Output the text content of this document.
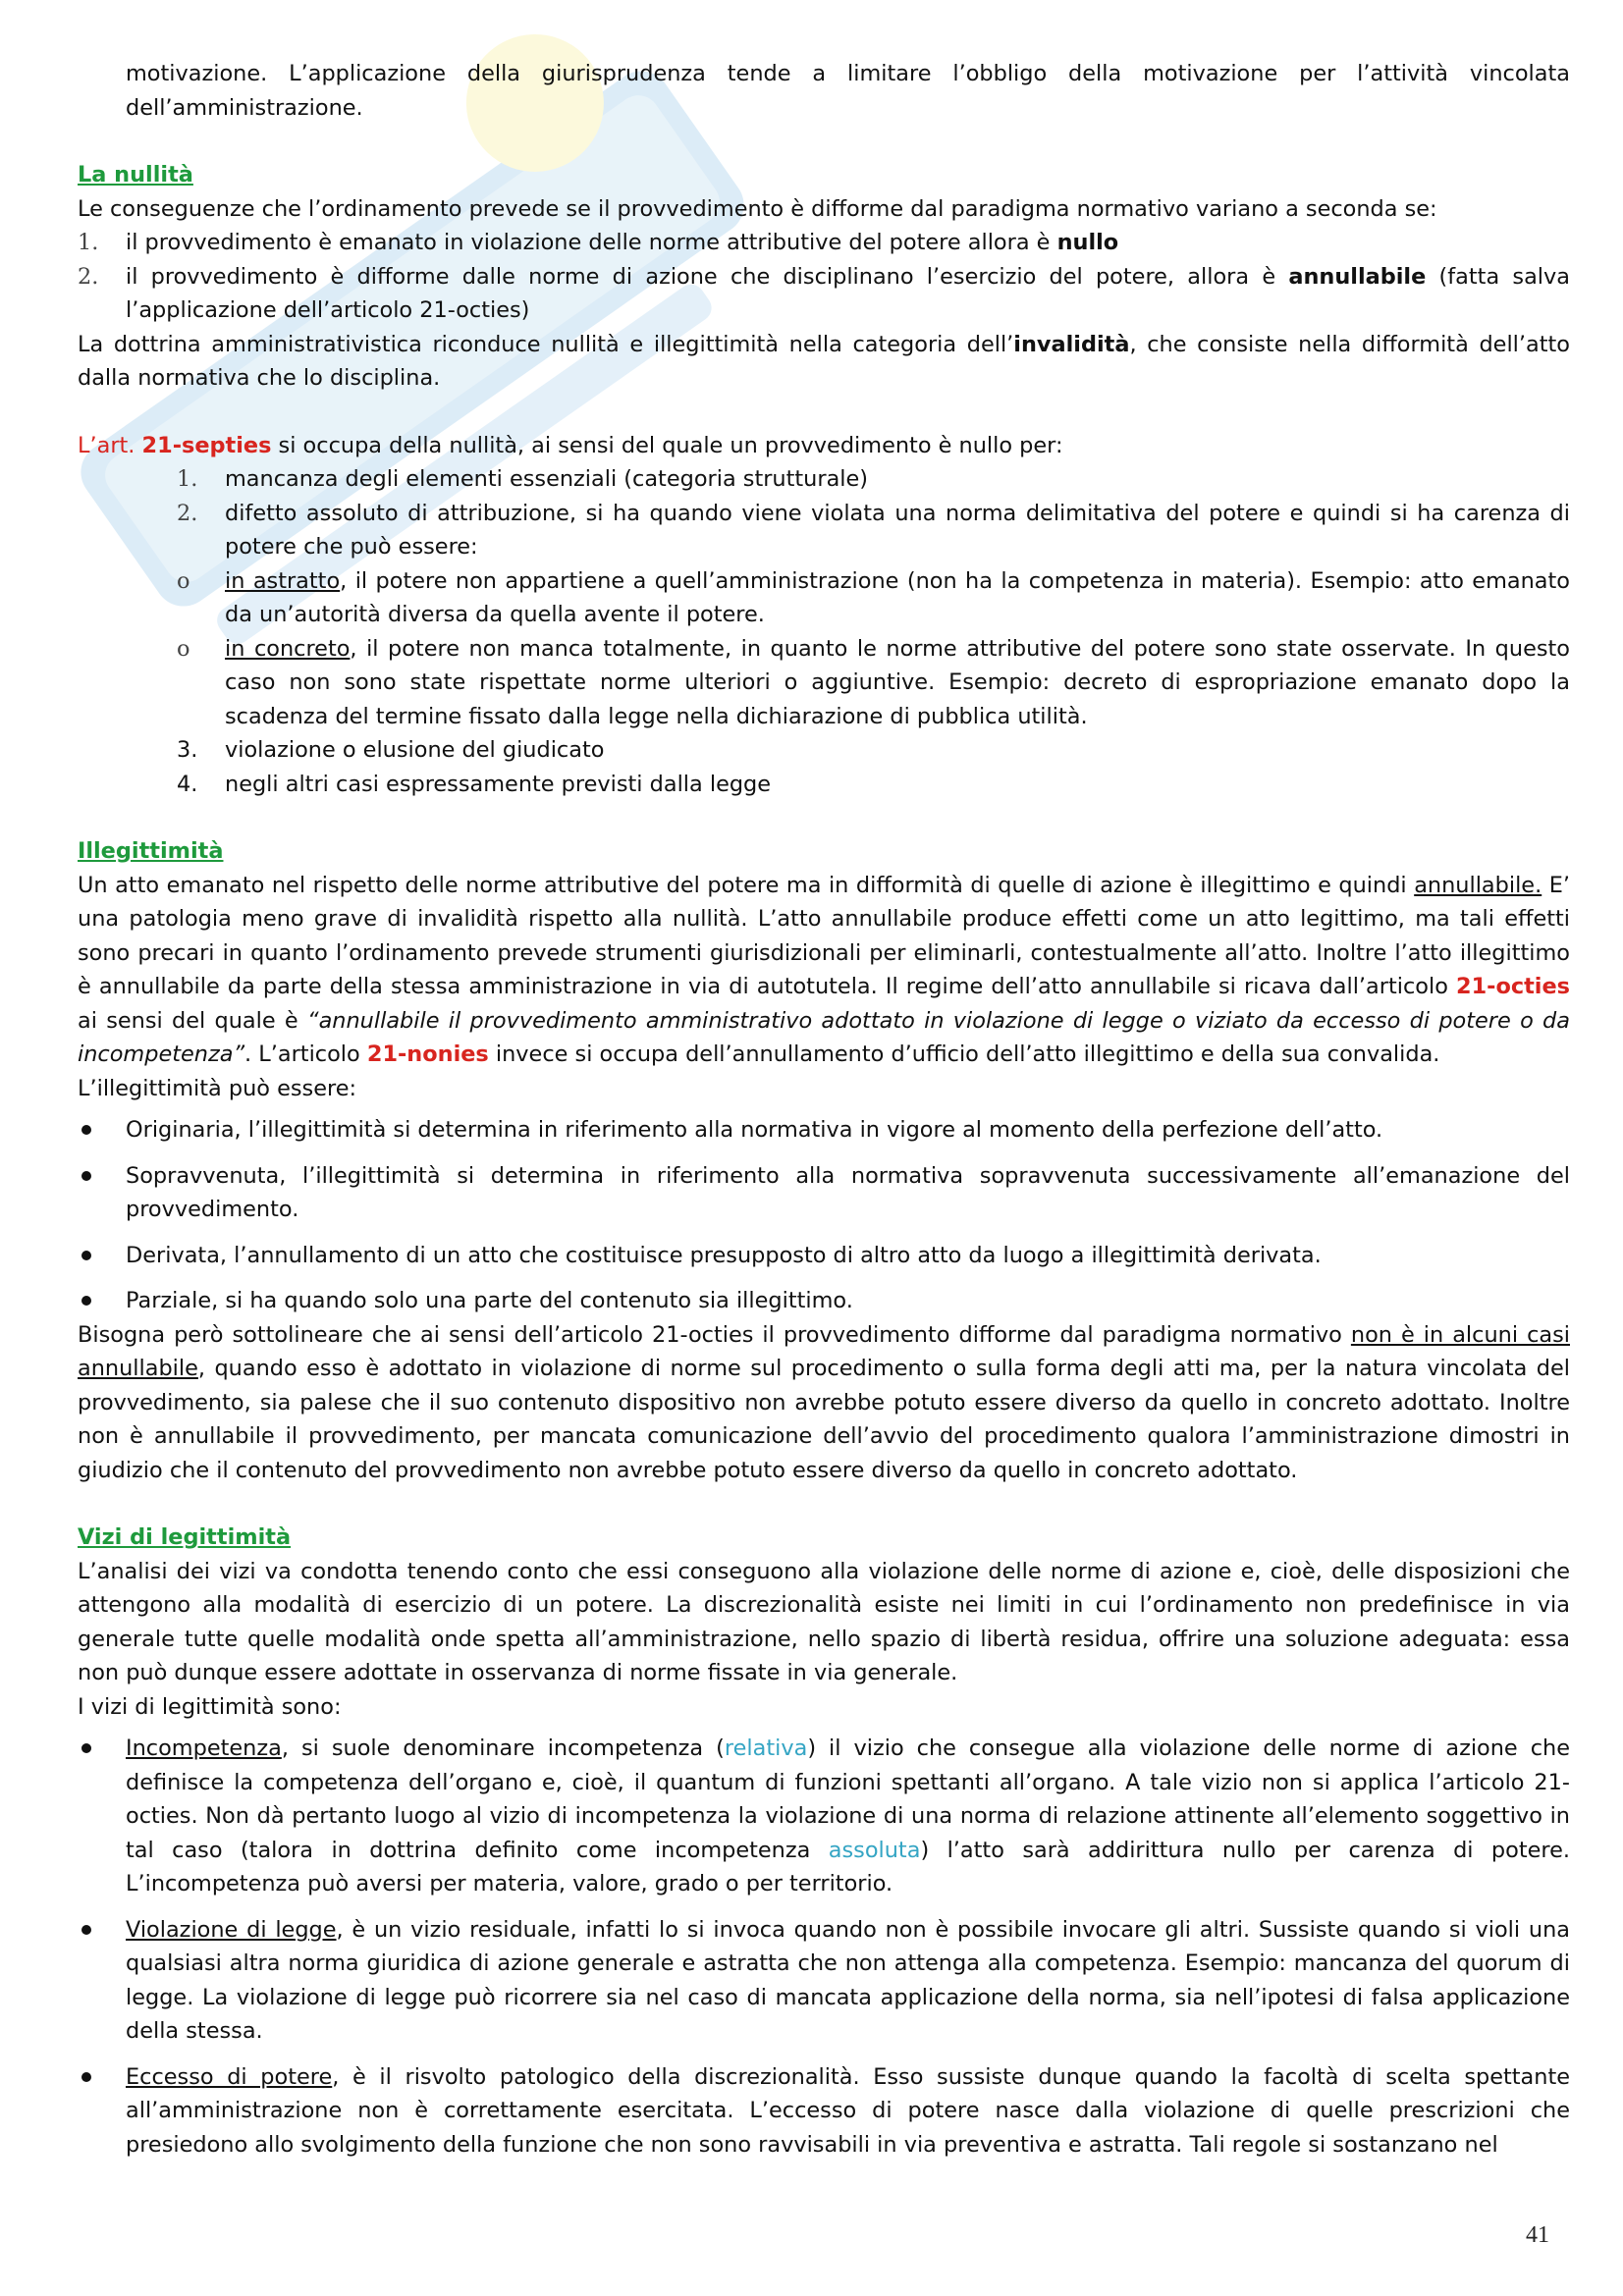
motivazione. L’applicazione della giurisprudenza tende a limitare l’obbligo della motivazione per l’attività vincolata dell’amministrazione.

La nullità

Le conseguenze che l’ordinamento prevede se il provvedimento è difforme dal paradigma normativo variano a seconda se:

1. il provvedimento è emanato in violazione delle norme attributive del potere allora è nullo
2. il provvedimento è difforme dalle norme di azione che disciplinano l’esercizio del potere, allora è annullabile (fatta salva l’applicazione dell’articolo 21-octies)

La dottrina amministrativistica riconduce nullità e illegittimità nella categoria dell’invalidità, che consiste nella difformità dell’atto dalla normativa che lo disciplina.

L’art. 21-septies si occupa della nullità, ai sensi del quale un provvedimento è nullo per:

1. mancanza degli elementi essenziali (categoria strutturale)
2. difetto assoluto di attribuzione, si ha quando viene violata una norma delimitativa del potere e quindi si ha carenza di potere che può essere:
o in astratto, il potere non appartiene a quell’amministrazione (non ha la competenza in materia). Esempio: atto emanato da un’autorità diversa da quella avente il potere.
o in concreto, il potere non manca totalmente, in quanto le norme attributive del potere sono state osservate. In questo caso non sono state rispettate norme ulteriori o aggiuntive. Esempio: decreto di espropriazione emanato dopo la scadenza del termine fissato dalla legge nella dichiarazione di pubblica utilità.
3. violazione o elusione del giudicato
4. negli altri casi espressamente previsti dalla legge

Illegittimità

Un atto emanato nel rispetto delle norme attributive del potere ma in difformità di quelle di azione è illegittimo e quindi annullabile. E’ una patologia meno grave di invalidità rispetto alla nullità. L’atto annullabile produce effetti come un atto legittimo, ma tali effetti sono precari in quanto l’ordinamento prevede strumenti giurisdizionali per eliminarli, contestualmente all’atto. Inoltre l’atto illegittimo è annullabile da parte della stessa amministrazione in via di autotutela. Il regime dell’atto annullabile si ricava dall’articolo 21-octies ai sensi del quale è “annullabile il provvedimento amministrativo adottato in violazione di legge o viziato da eccesso di potere o da incompetenza”. L’articolo 21-nonies invece si occupa dell’annullamento d’ufficio dell’atto illegittimo e della sua convalida.

L’illegittimità può essere:

Originaria, l’illegittimità si determina in riferimento alla normativa in vigore al momento della perfezione dell’atto.
Sopravvenuta, l’illegittimità si determina in riferimento alla normativa sopravvenuta successivamente all’emanazione del provvedimento.
Derivata, l’annullamento di un atto che costituisce presupposto di altro atto da luogo a illegittimità derivata.
Parziale, si ha quando solo una parte del contenuto sia illegittimo.

Bisogna però sottolineare che ai sensi dell’articolo 21-octies il provvedimento difforme dal paradigma normativo non è in alcuni casi annullabile, quando esso è adottato in violazione di norme sul procedimento o sulla forma degli atti ma, per la natura vincolata del provvedimento, sia palese che il suo contenuto dispositivo non avrebbe potuto essere diverso da quello in concreto adottato. Inoltre non è annullabile il provvedimento, per mancata comunicazione dell’avvio del procedimento qualora l’amministrazione dimostri in giudizio che il contenuto del provvedimento non avrebbe potuto essere diverso da quello in concreto adottato.

Vizi di legittimità

L’analisi dei vizi va condotta tenendo conto che essi conseguono alla violazione delle norme di azione e, cioè, delle disposizioni che attengono alla modalità di esercizio di un potere. La discrezionalità esiste nei limiti in cui l’ordinamento non predefinisce in via generale tutte quelle modalità onde spetta all’amministrazione, nello spazio di libertà residua, offrire una soluzione adeguata: essa non può dunque essere adottate in osservanza di norme fissate in via generale.

I vizi di legittimità sono:

Incompetenza, si suole denominare incompetenza (relativa) il vizio che consegue alla violazione delle norme di azione che definisce la competenza dell’organo e, cioè, il quantum di funzioni spettanti all’organo. A tale vizio non si applica l’articolo 21-octies. Non dà pertanto luogo al vizio di incompetenza la violazione di una norma di relazione attinente all’elemento soggettivo in tal caso (talora in dottrina definito come incompetenza assoluta) l’atto sarà addirittura nullo per carenza di potere. L’incompetenza può aversi per materia, valore, grado o per territorio.
Violazione di legge, è un vizio residuale, infatti lo si invoca quando non è possibile invocare gli altri. Sussiste quando si violi una qualsiasi altra norma giuridica di azione generale e astratta che non attenga alla competenza. Esempio: mancanza del quorum di legge. La violazione di legge può ricorrere sia nel caso di mancata applicazione della norma, sia nell’ipotesi di falsa applicazione della stessa.
Eccesso di potere, è il risvolto patologico della discrezionalità. Esso sussiste dunque quando la facoltà di scelta spettante all’amministrazione non è correttamente esercitata. L’eccesso di potere nasce dalla violazione di quelle prescrizioni che presiedono allo svolgimento della funzione che non sono ravvisabili in via preventiva e astratta. Tali regole si sostanzano nel
41
